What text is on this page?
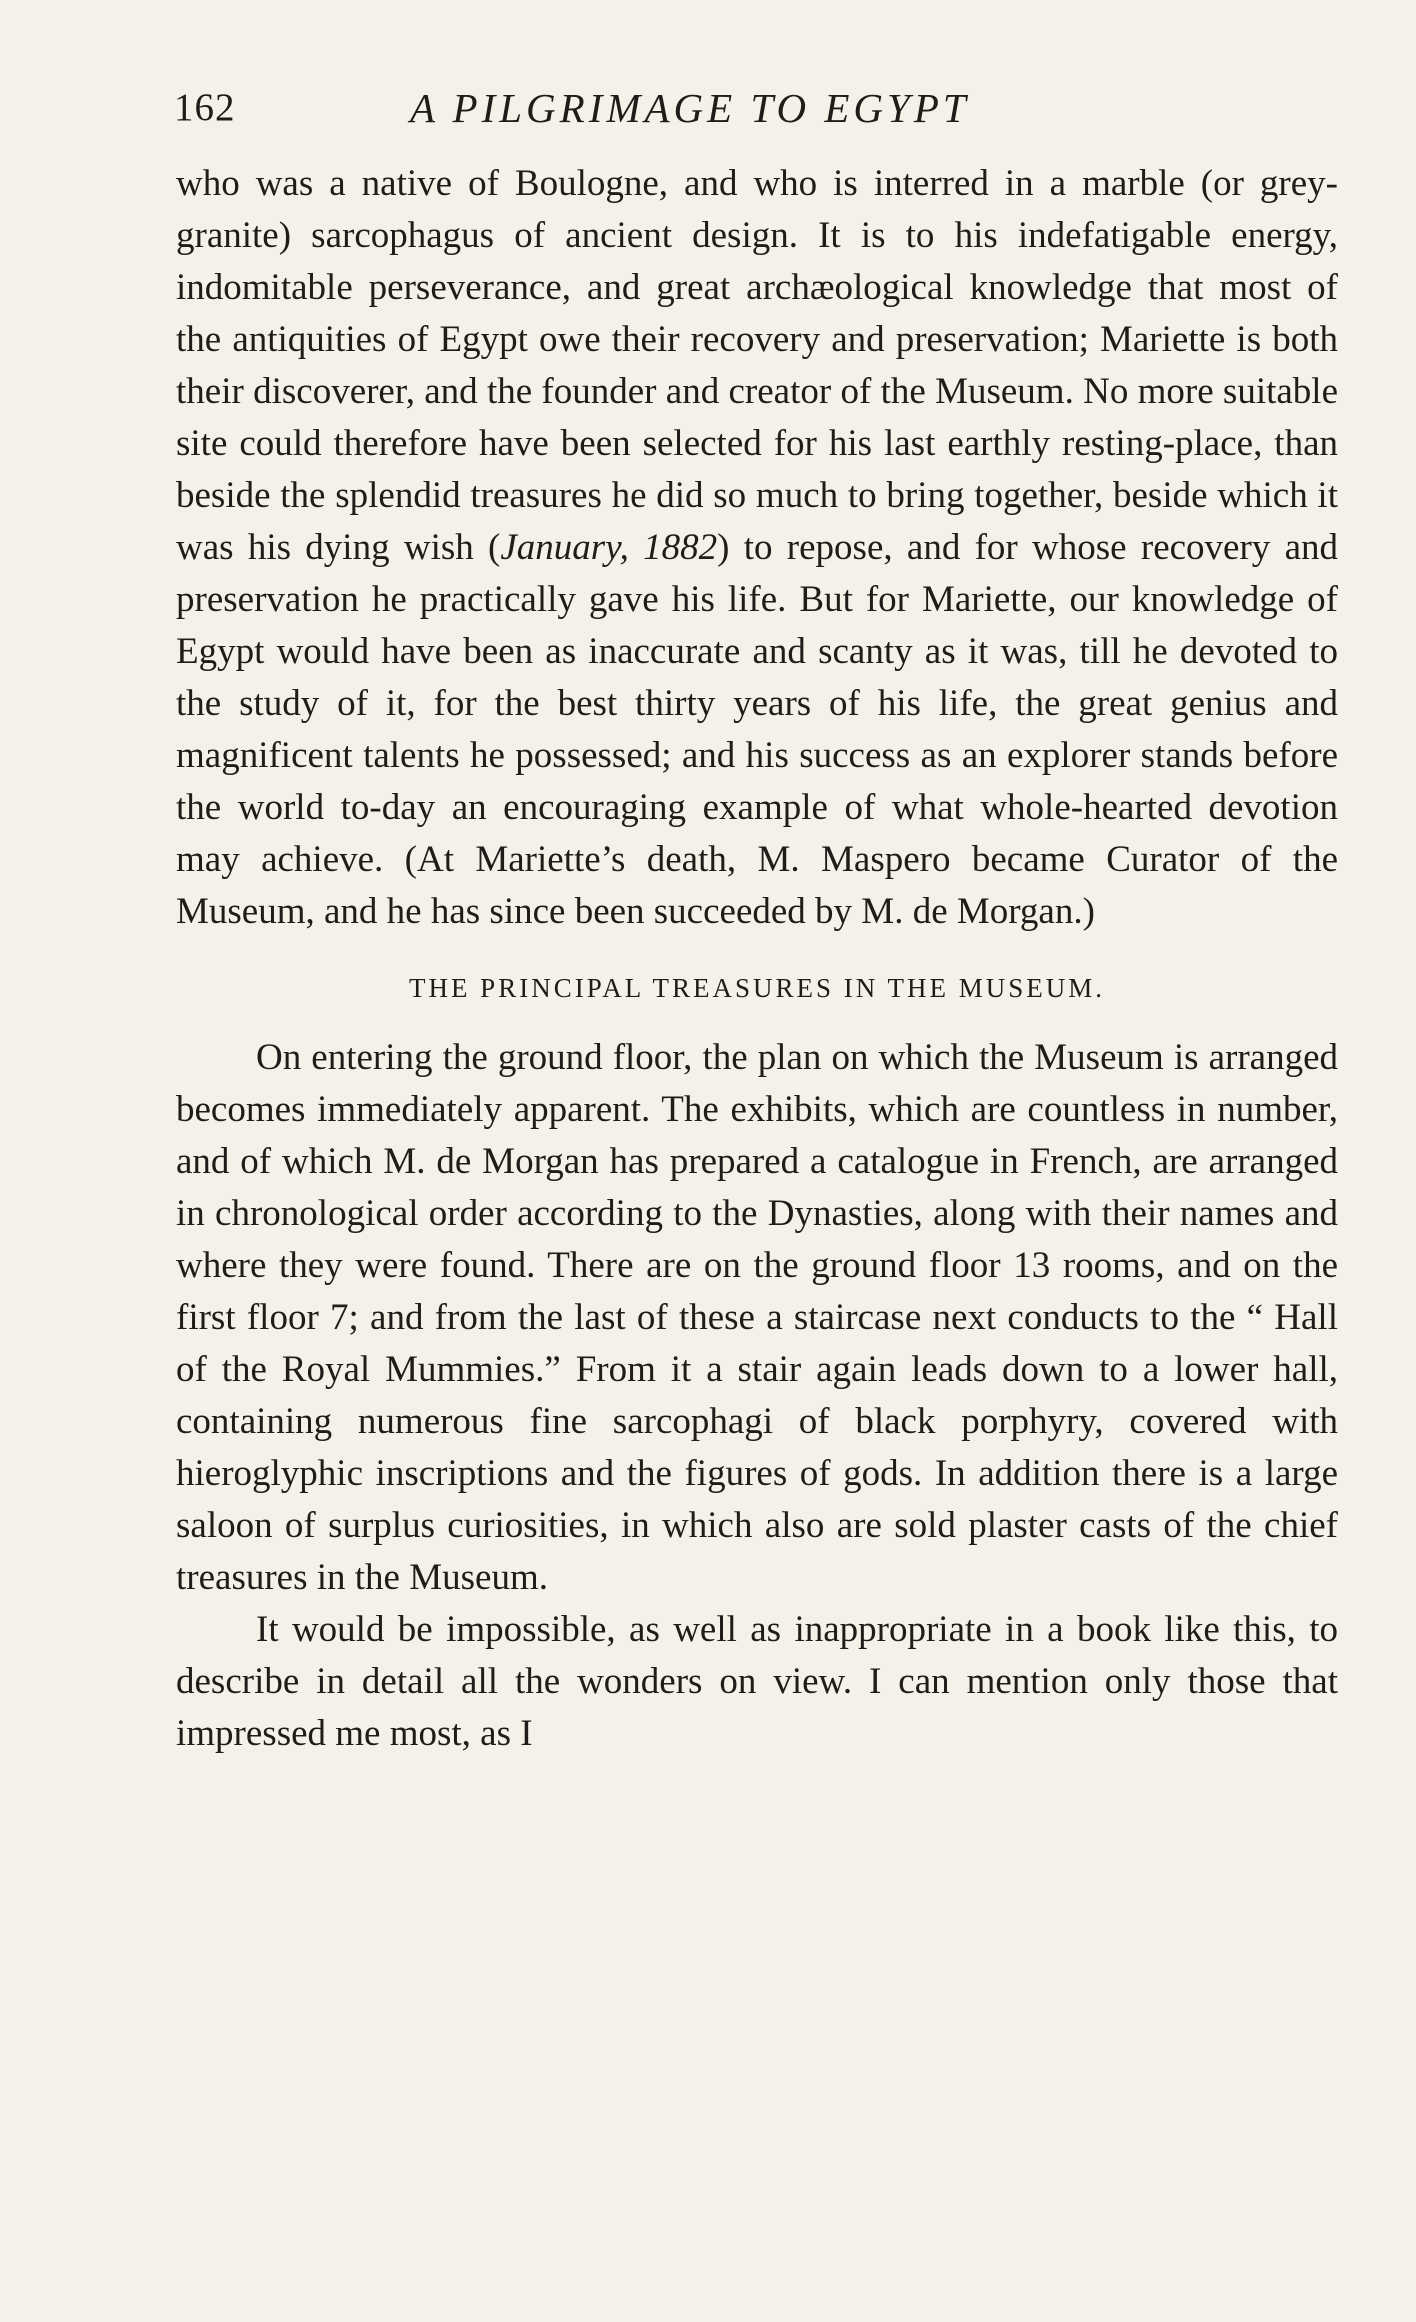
162	A PILGRIMAGE TO EGYPT

who was a native of Boulogne, and who is interred in a marble (or grey-granite) sarcophagus of ancient design. It is to his indefatigable energy, indomitable perseverance, and great archæological knowledge that most of the antiquities of Egypt owe their recovery and preservation; Mariette is both their discoverer, and the founder and creator of the Museum. No more suitable site could therefore have been selected for his last earthly resting-place, than beside the splendid treasures he did so much to bring together, beside which it was his dying wish (January, 1882) to repose, and for whose recovery and preservation he practically gave his life. But for Mariette, our knowledge of Egypt would have been as inaccurate and scanty as it was, till he devoted to the study of it, for the best thirty years of his life, the great genius and magnificent talents he possessed; and his success as an explorer stands before the world to-day an encouraging example of what whole-hearted devotion may achieve. (At Mariette’s death, M. Maspero became Curator of the Museum, and he has since been succeeded by M. de Morgan.)

THE PRINCIPAL TREASURES IN THE MUSEUM.

On entering the ground floor, the plan on which the Museum is arranged becomes immediately apparent. The exhibits, which are countless in number, and of which M. de Morgan has prepared a catalogue in French, are arranged in chronological order according to the Dynasties, along with their names and where they were found. There are on the ground floor 13 rooms, and on the first floor 7; and from the last of these a staircase next conducts to the “ Hall of the Royal Mummies.” From it a stair again leads down to a lower hall, containing numerous fine sarcophagi of black porphyry, covered with hieroglyphic inscriptions and the figures of gods. In addition there is a large saloon of surplus curiosities, in which also are sold plaster casts of the chief treasures in the Museum.

It would be impossible, as well as inappropriate in a book like this, to describe in detail all the wonders on view. I can mention only those that impressed me most, as I
